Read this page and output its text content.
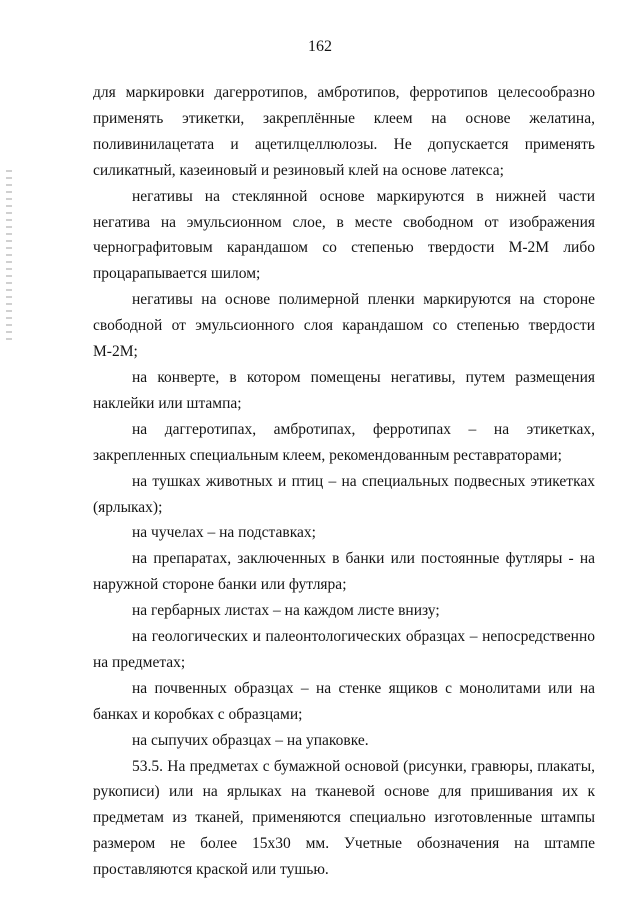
162

для маркировки дагерротипов, амбротипов, ферротипов целесообразно применять этикетки, закреплённые клеем на основе желатина, поливинилацетата и ацетилцеллюлозы. Не допускается применять силикатный, казеиновый и резиновый клей на основе латекса;

негативы на стеклянной основе маркируются в нижней части негатива на эмульсионном слое, в месте свободном от изображения чернографитовым карандашом со степенью твердости М-2М либо процарапывается шилом;

негативы на основе полимерной пленки маркируются на стороне свободной от эмульсионного слоя карандашом со степенью твердости М-2М;

на конверте, в котором помещены негативы, путем размещения наклейки или штампа;

на даггеротипах, амбротипах, ферротипах – на этикетках, закрепленных специальным клеем, рекомендованным реставраторами;

на тушках животных и птиц – на специальных подвесных этикетках (ярлыках);

на чучелах – на подставках;

на препаратах, заключенных в банки или постоянные футляры - на наружной стороне банки или футляра;

на гербарных листах – на каждом листе внизу;

на геологических и палеонтологических образцах – непосредственно на предметах;

на почвенных образцах – на стенке ящиков с монолитами или на банках и коробках с образцами;

на сыпучих образцах – на упаковке.

53.5. На предметах с бумажной основой (рисунки, гравюры, плакаты, рукописи) или на ярлыках на тканевой основе для пришивания их к предметам из тканей, применяются специально изготовленные штампы размером не более 15х30 мм. Учетные обозначения на штампе проставляются краской или тушью.
